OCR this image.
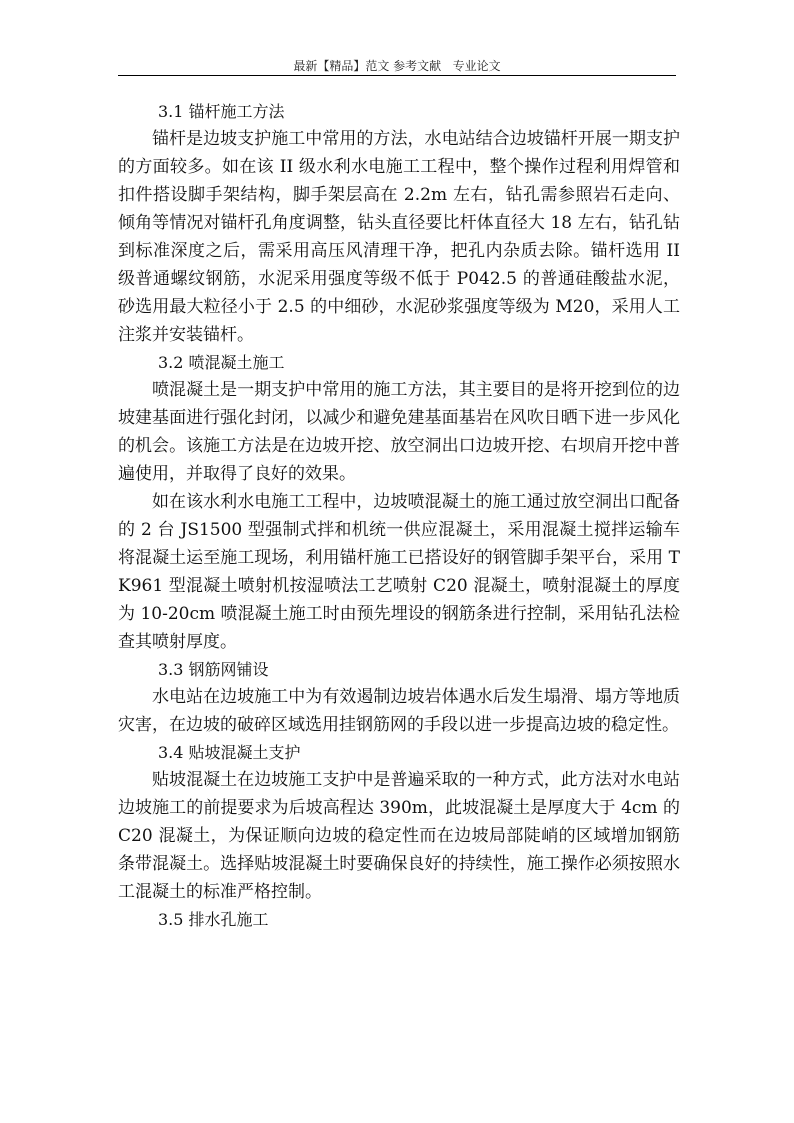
最新【精品】范文 参考文献   专业论文
3.1 锚杆施工方法

锚杆是边坡支护施工中常用的方法，水电站结合边坡锚杆开展一期支护的方面较多。如在该 II 级水利水电施工工程中，整个操作过程利用焊管和扣件搭设脚手架结构，脚手架层高在 2.2m 左右，钻孔需参照岩石走向、倾角等情况对锚杆孔角度调整，钻头直径要比杆体直径大 18 左右，钻孔钻到标准深度之后，需采用高压风清理干净，把孔内杂质去除。锚杆选用 II 级普通螺纹钢筋，水泥采用强度等级不低于 P042.5 的普通硅酸盐水泥，砂选用最大粒径小于 2.5 的中细砂，水泥砂浆强度等级为 M20，采用人工注浆并安装锚杆。

3.2 喷混凝土施工

喷混凝土是一期支护中常用的施工方法，其主要目的是将开挖到位的边坡建基面进行强化封闭，以减少和避免建基面基岩在风吹日晒下进一步风化的机会。该施工方法是在边坡开挖、放空洞出口边坡开挖、右坝肩开挖中普遍使用，并取得了良好的效果。

如在该水利水电施工工程中，边坡喷混凝土的施工通过放空洞出口配备的 2 台 JS1500 型强制式拌和机统一供应混凝土，采用混凝土搅拌运输车将混凝土运至施工现场，利用锚杆施工已搭设好的钢管脚手架平台，采用 TK961 型混凝土喷射机按湿喷法工艺喷射 C20 混凝土，喷射混凝土的厚度为 10-20cm 喷混凝土施工时由预先埋设的钢筋条进行控制，采用钻孔法检查其喷射厚度。

3.3 钢筋网铺设

水电站在边坡施工中为有效遏制边坡岩体遇水后发生塌滑、塌方等地质灾害，在边坡的破碎区域选用挂钢筋网的手段以进一步提高边坡的稳定性。

3.4 贴坡混凝土支护

贴坡混凝土在边坡施工支护中是普遍采取的一种方式，此方法对水电站边坡施工的前提要求为后坡高程达 390m，此坡混凝土是厚度大于 4cm 的 C20 混凝土，为保证顺向边坡的稳定性而在边坡局部陡峭的区域增加钢筋条带混凝土。选择贴坡混凝土时要确保良好的持续性，施工操作必须按照水工混凝土的标准严格控制。

3.5 排水孔施工
